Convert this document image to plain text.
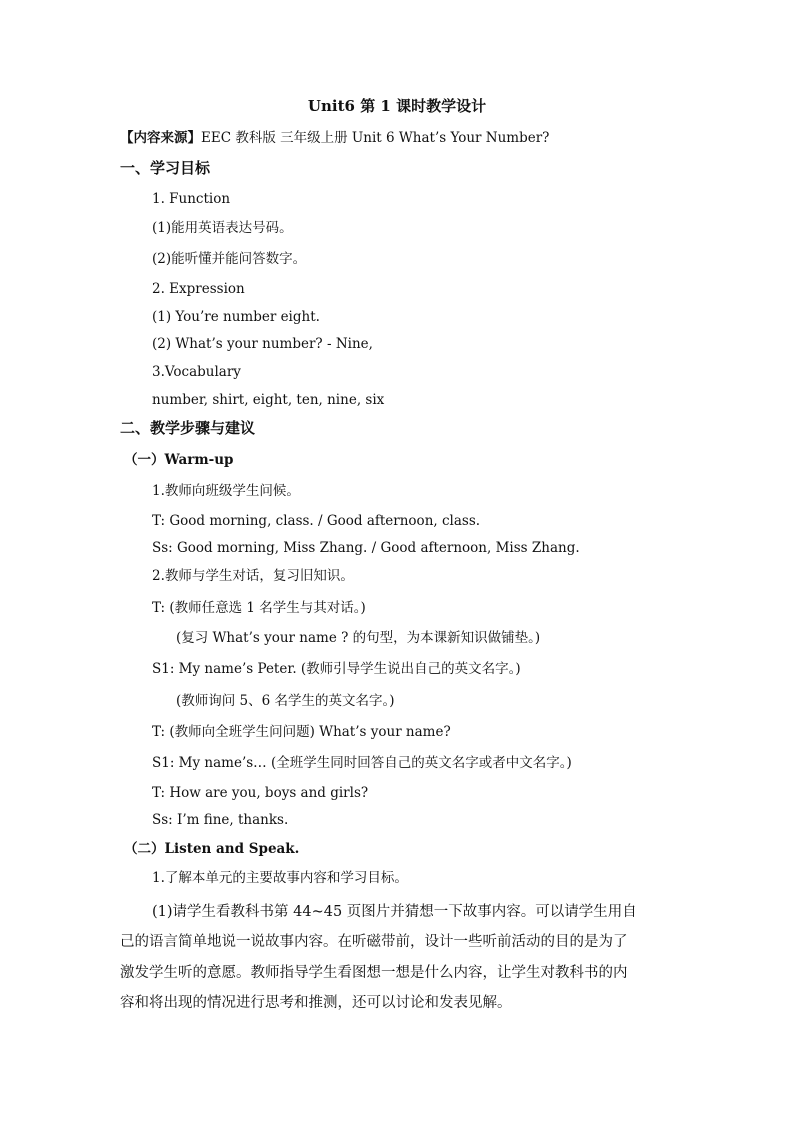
Unit6 第 1 课时教学设计
【内容来源】EEC 教科版 三年级上册 Unit 6 What’s Your Number?
一、学习目标
1. Function
(1)能用英语表达号码。
(2)能听懂并能问答数字。
2. Expression
(1) You’re number eight.
(2) What’s your number? - Nine,
3.Vocabulary
number, shirt, eight, ten, nine, six
二、教学步骤与建议
（一）Warm-up
1.教师向班级学生问候。
T: Good morning, class. / Good afternoon, class.
Ss: Good morning, Miss Zhang. / Good afternoon, Miss Zhang.
2.教师与学生对话，复习旧知识。
T: (教师任意选 1 名学生与其对话。)
(复习 What’s your name ? 的句型，为本课新知识做铺垫。)
S1: My name’s Peter. (教师引导学生说出自己的英文名字。)
(教师询问 5、6 名学生的英文名字。)
T: (教师向全班学生问问题) What’s your name?
S1: My name’s… (全班学生同时回答自己的英文名字或者中文名字。)
T: How are you, boys and girls?
Ss: I’m fine, thanks.
（二）Listen and Speak.
1.了解本单元的主要故事内容和学习目标。
(1)请学生看教科书第 44~45 页图片并猜想一下故事内容。可以请学生用自
己的语言简单地说一说故事内容。在听磁带前，设计一些听前活动的目的是为了
激发学生听的意愿。教师指导学生看图想一想是什么内容，让学生对教科书的内
容和将出现的情况进行思考和推测，还可以讨论和发表见解。
